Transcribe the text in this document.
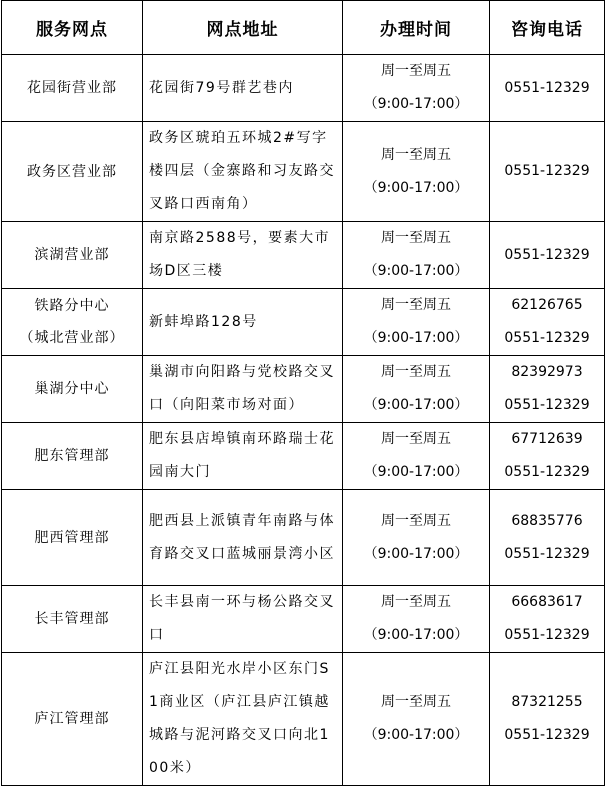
服务网点	网点地址	办理时间	咨询电话

花园街营业部	花园街79号群艺巷内	周一至周五
（9:00-17:00）	0551-12329

政务区营业部	政务区琥珀五环城2#写字楼四层（金寨路和习友路交叉路口西南角）	周一至周五
（9:00-17:00）	0551-12329

滨湖营业部	南京路2588号，要素大市场D区三楼	周一至周五
（9:00-17:00）	0551-12329

铁路分中心
（城北营业部）	新蚌埠路128号	周一至周五
（9:00-17:00）	62126765
0551-12329

巢湖分中心	巢湖市向阳路与党校路交叉口（向阳菜市场对面）	周一至周五
（9:00-17:00）	82392973
0551-12329

肥东管理部	肥东县店埠镇南环路瑞士花园南大门	周一至周五
（9:00-17:00）	67712639
0551-12329

肥西管理部	肥西县上派镇青年南路与体育路交叉口蓝城丽景湾小区	周一至周五
（9:00-17:00）	68835776
0551-12329

长丰管理部	长丰县南一环与杨公路交叉口	周一至周五
（9:00-17:00）	66683617
0551-12329

庐江管理部	庐江县阳光水岸小区东门S1商业区（庐江县庐江镇越城路与泥河路交叉口向北100米）	周一至周五
（9:00-17:00）	87321255
0551-12329
